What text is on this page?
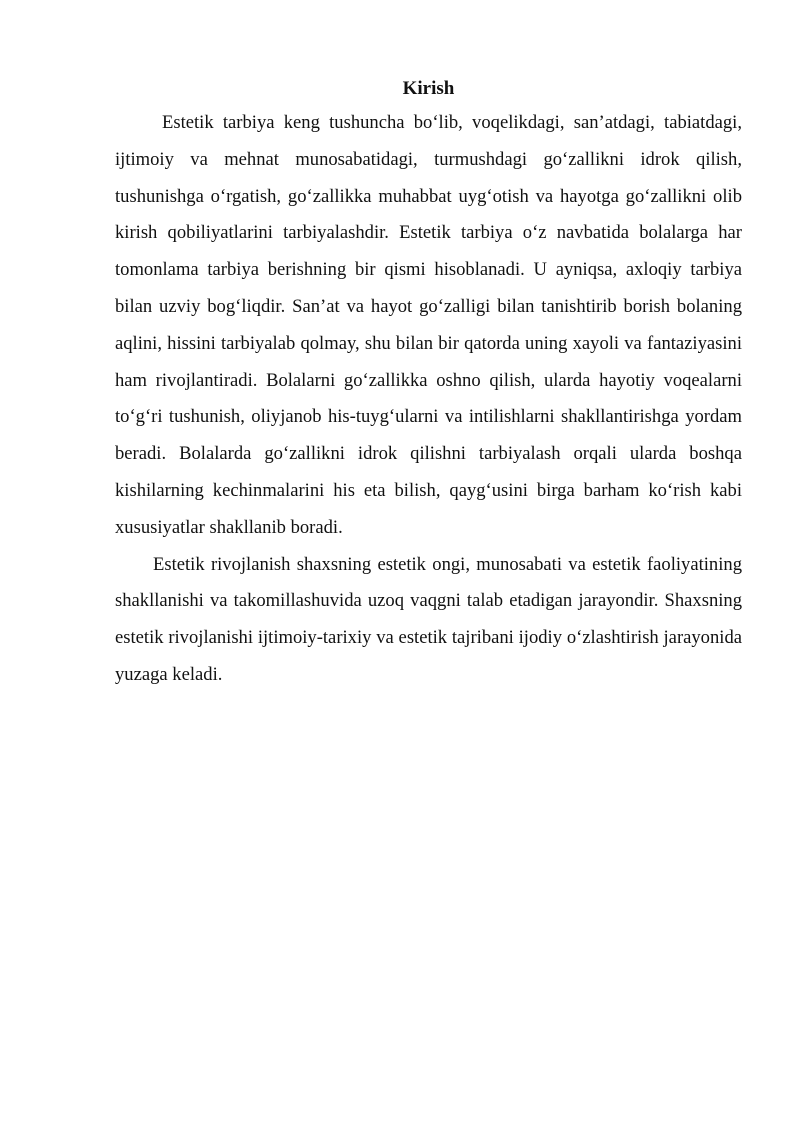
Kirish

Estetik tarbiya keng tushuncha bo‘lib, voqelikdagi, san’atdagi, tabiatdagi, ijtimoiy va mehnat munosabatidagi, turmushdagi go‘zallikni idrok qilish, tushunishga o‘rgatish, go‘zallikka muhabbat uyg‘otish va hayotga go‘zallikni olib kirish qobiliyatlarini tarbiyalashdir. Estetik tarbiya o‘z navbatida bolalarga har tomonlama tarbiya berishning bir qismi hisoblanadi. U ayniqsa, axloqiy tarbiya bilan uzviy bog‘liqdir. San’at va hayot go‘zalligi bilan tanishtirib borish bolaning aqlini, hissini tarbiyalab qolmay, shu bilan bir qatorda uning xayoli va fantaziyasini ham rivojlantiradi. Bolalarni go‘zallikka oshno qilish, ularda hayotiy voqealarni to‘g‘ri tushunish, oliyjanob his-tuyg‘ularni va intilishlarni shakllantirishga yordam beradi. Bolalarda go‘zallikni idrok qilishni tarbiyalash orqali ularda boshqa kishilarning kechinmalarini his eta bilish, qayg‘usini birga barham ko‘rish kabi xususiyatlar shakllanib boradi.

Estetik rivojlanish shaxsning estetik ongi, munosabati va estetik faoliyatining shakllanishi va takomillashuvida uzoq vaqgni talab etadigan jarayondir. Shaxsning estetik rivojlanishi ijtimoiy-tarixiy va estetik tajribani ijodiy o‘zlashtirish jarayonida yuzaga keladi.
